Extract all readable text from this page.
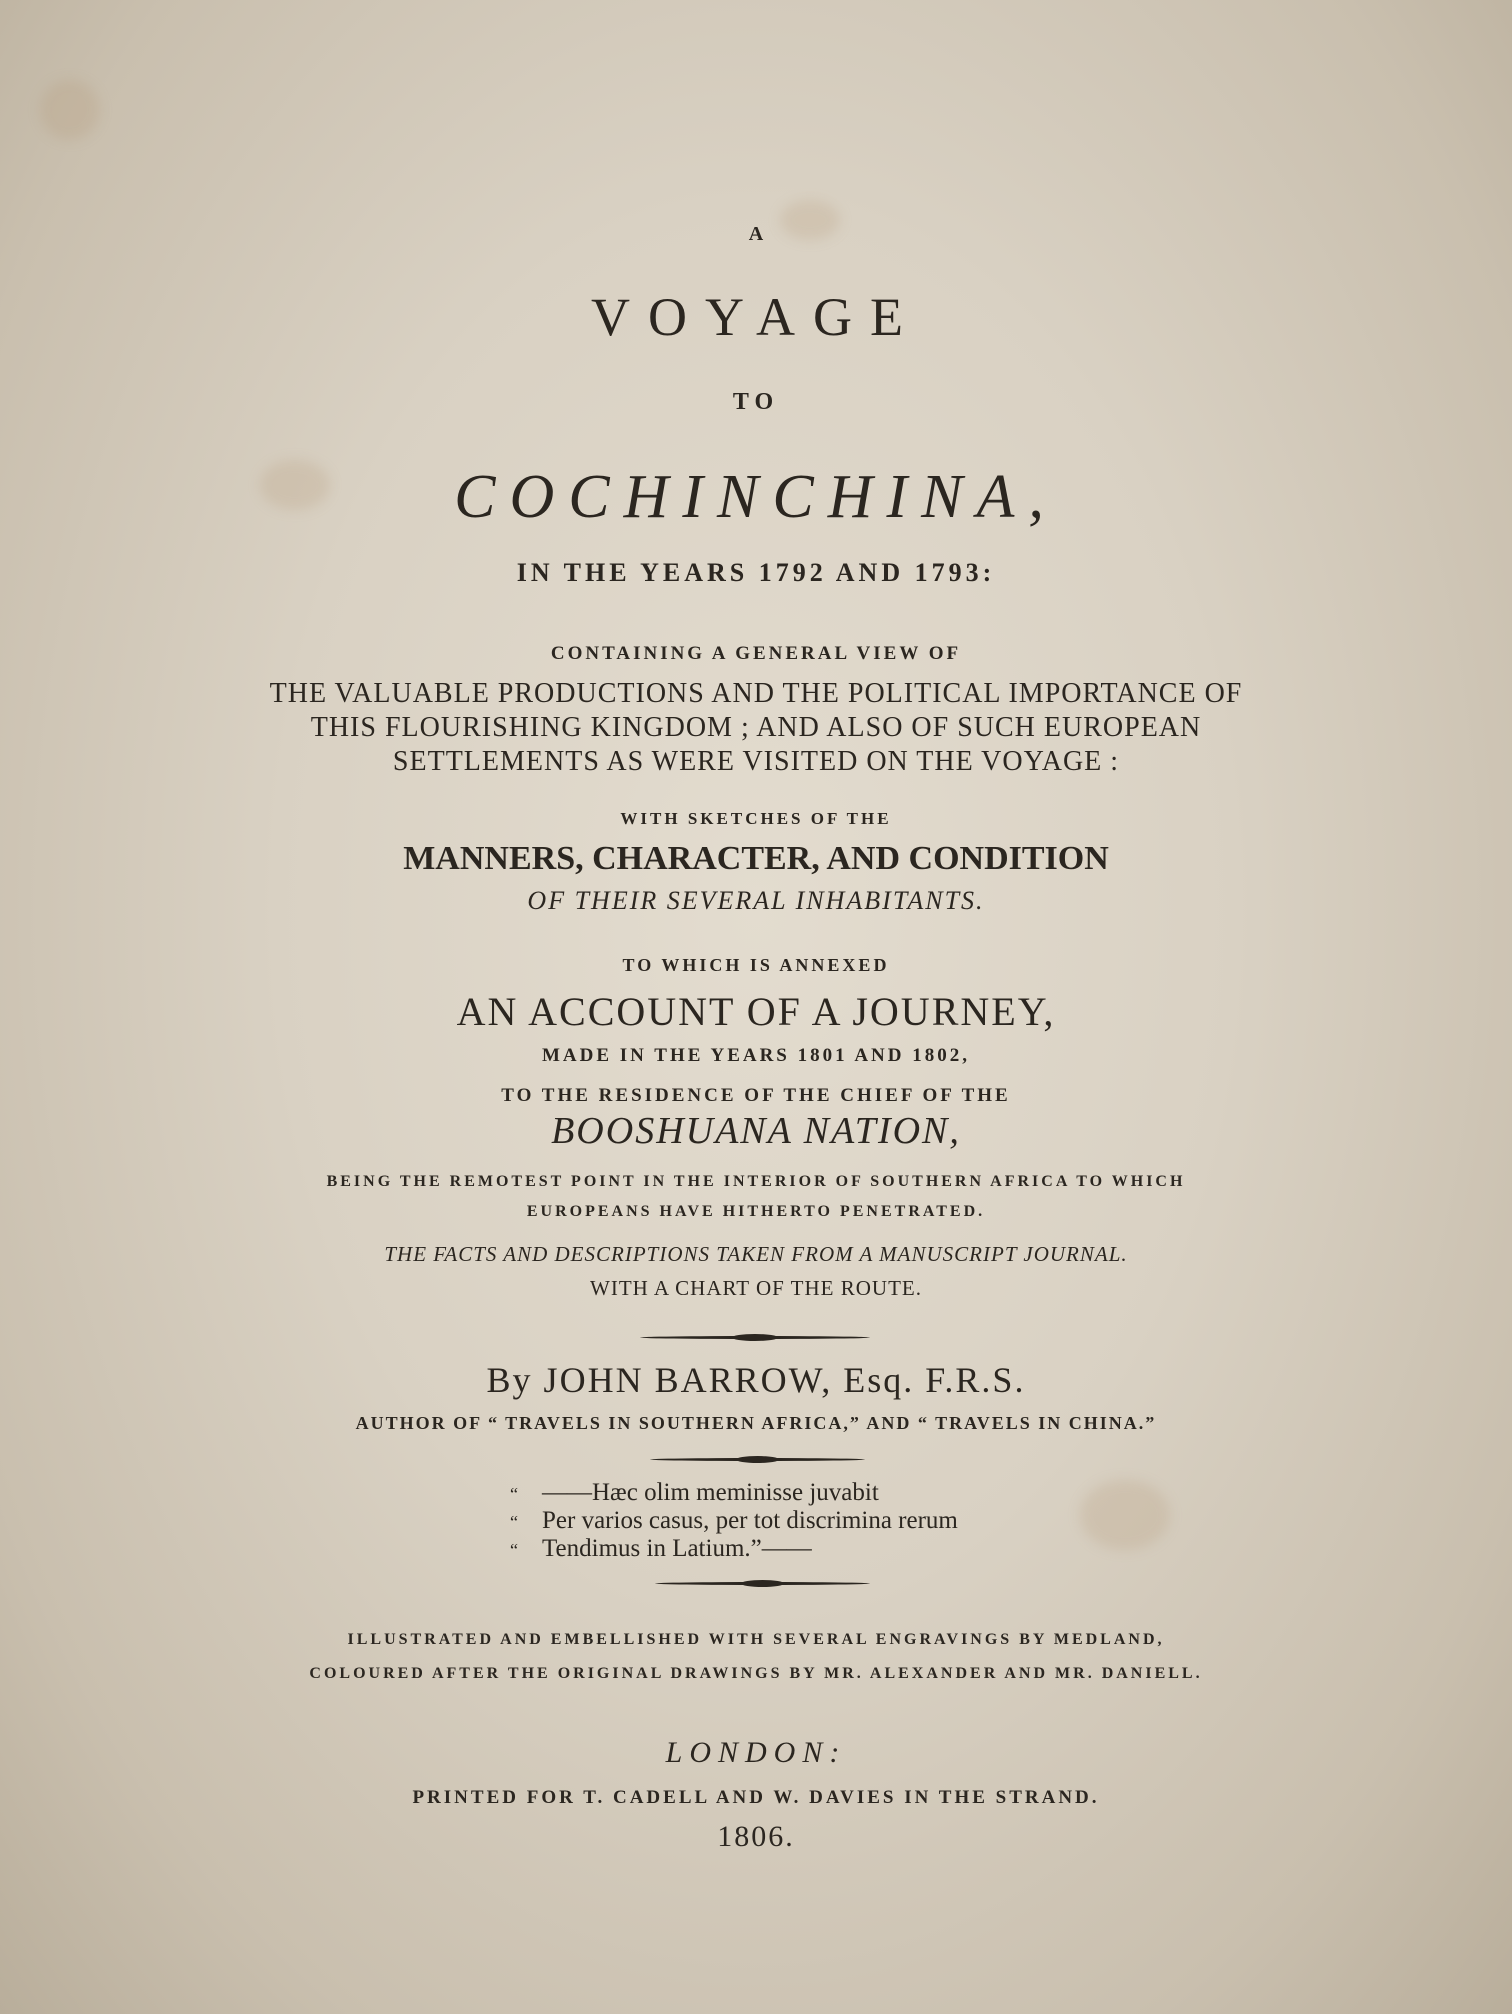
A
VOYAGE
TO
COCHINCHINA,
IN THE YEARS 1792 AND 1793:
CONTAINING A GENERAL VIEW OF
THE VALUABLE PRODUCTIONS AND THE POLITICAL IMPORTANCE OF
THIS FLOURISHING KINGDOM ; AND ALSO OF SUCH EUROPEAN
SETTLEMENTS AS WERE VISITED ON THE VOYAGE :
WITH SKETCHES OF THE
MANNERS, CHARACTER, AND CONDITION
OF THEIR SEVERAL INHABITANTS.
TO WHICH IS ANNEXED
AN ACCOUNT OF A JOURNEY,
MADE IN THE YEARS 1801 AND 1802,
TO THE RESIDENCE OF THE CHIEF OF THE
BOOSHUANA NATION,
BEING THE REMOTEST POINT IN THE INTERIOR OF SOUTHERN AFRICA TO WHICH
EUROPEANS HAVE HITHERTO PENETRATED.
THE FACTS AND DESCRIPTIONS TAKEN FROM A MANUSCRIPT JOURNAL.
WITH A CHART OF THE ROUTE.
By JOHN BARROW, Esq. F.R.S.
AUTHOR OF “ TRAVELS IN SOUTHERN AFRICA,” AND “ TRAVELS IN CHINA.”
“ ——Hæc olim meminisse juvabit
“ Per varios casus, per tot discrimina rerum
“ Tendimus in Latium.”——
ILLUSTRATED AND EMBELLISHED WITH SEVERAL ENGRAVINGS BY MEDLAND,
COLOURED AFTER THE ORIGINAL DRAWINGS BY MR. ALEXANDER AND MR. DANIELL.
LONDON:
PRINTED FOR T. CADELL AND W. DAVIES IN THE STRAND.
1806.
